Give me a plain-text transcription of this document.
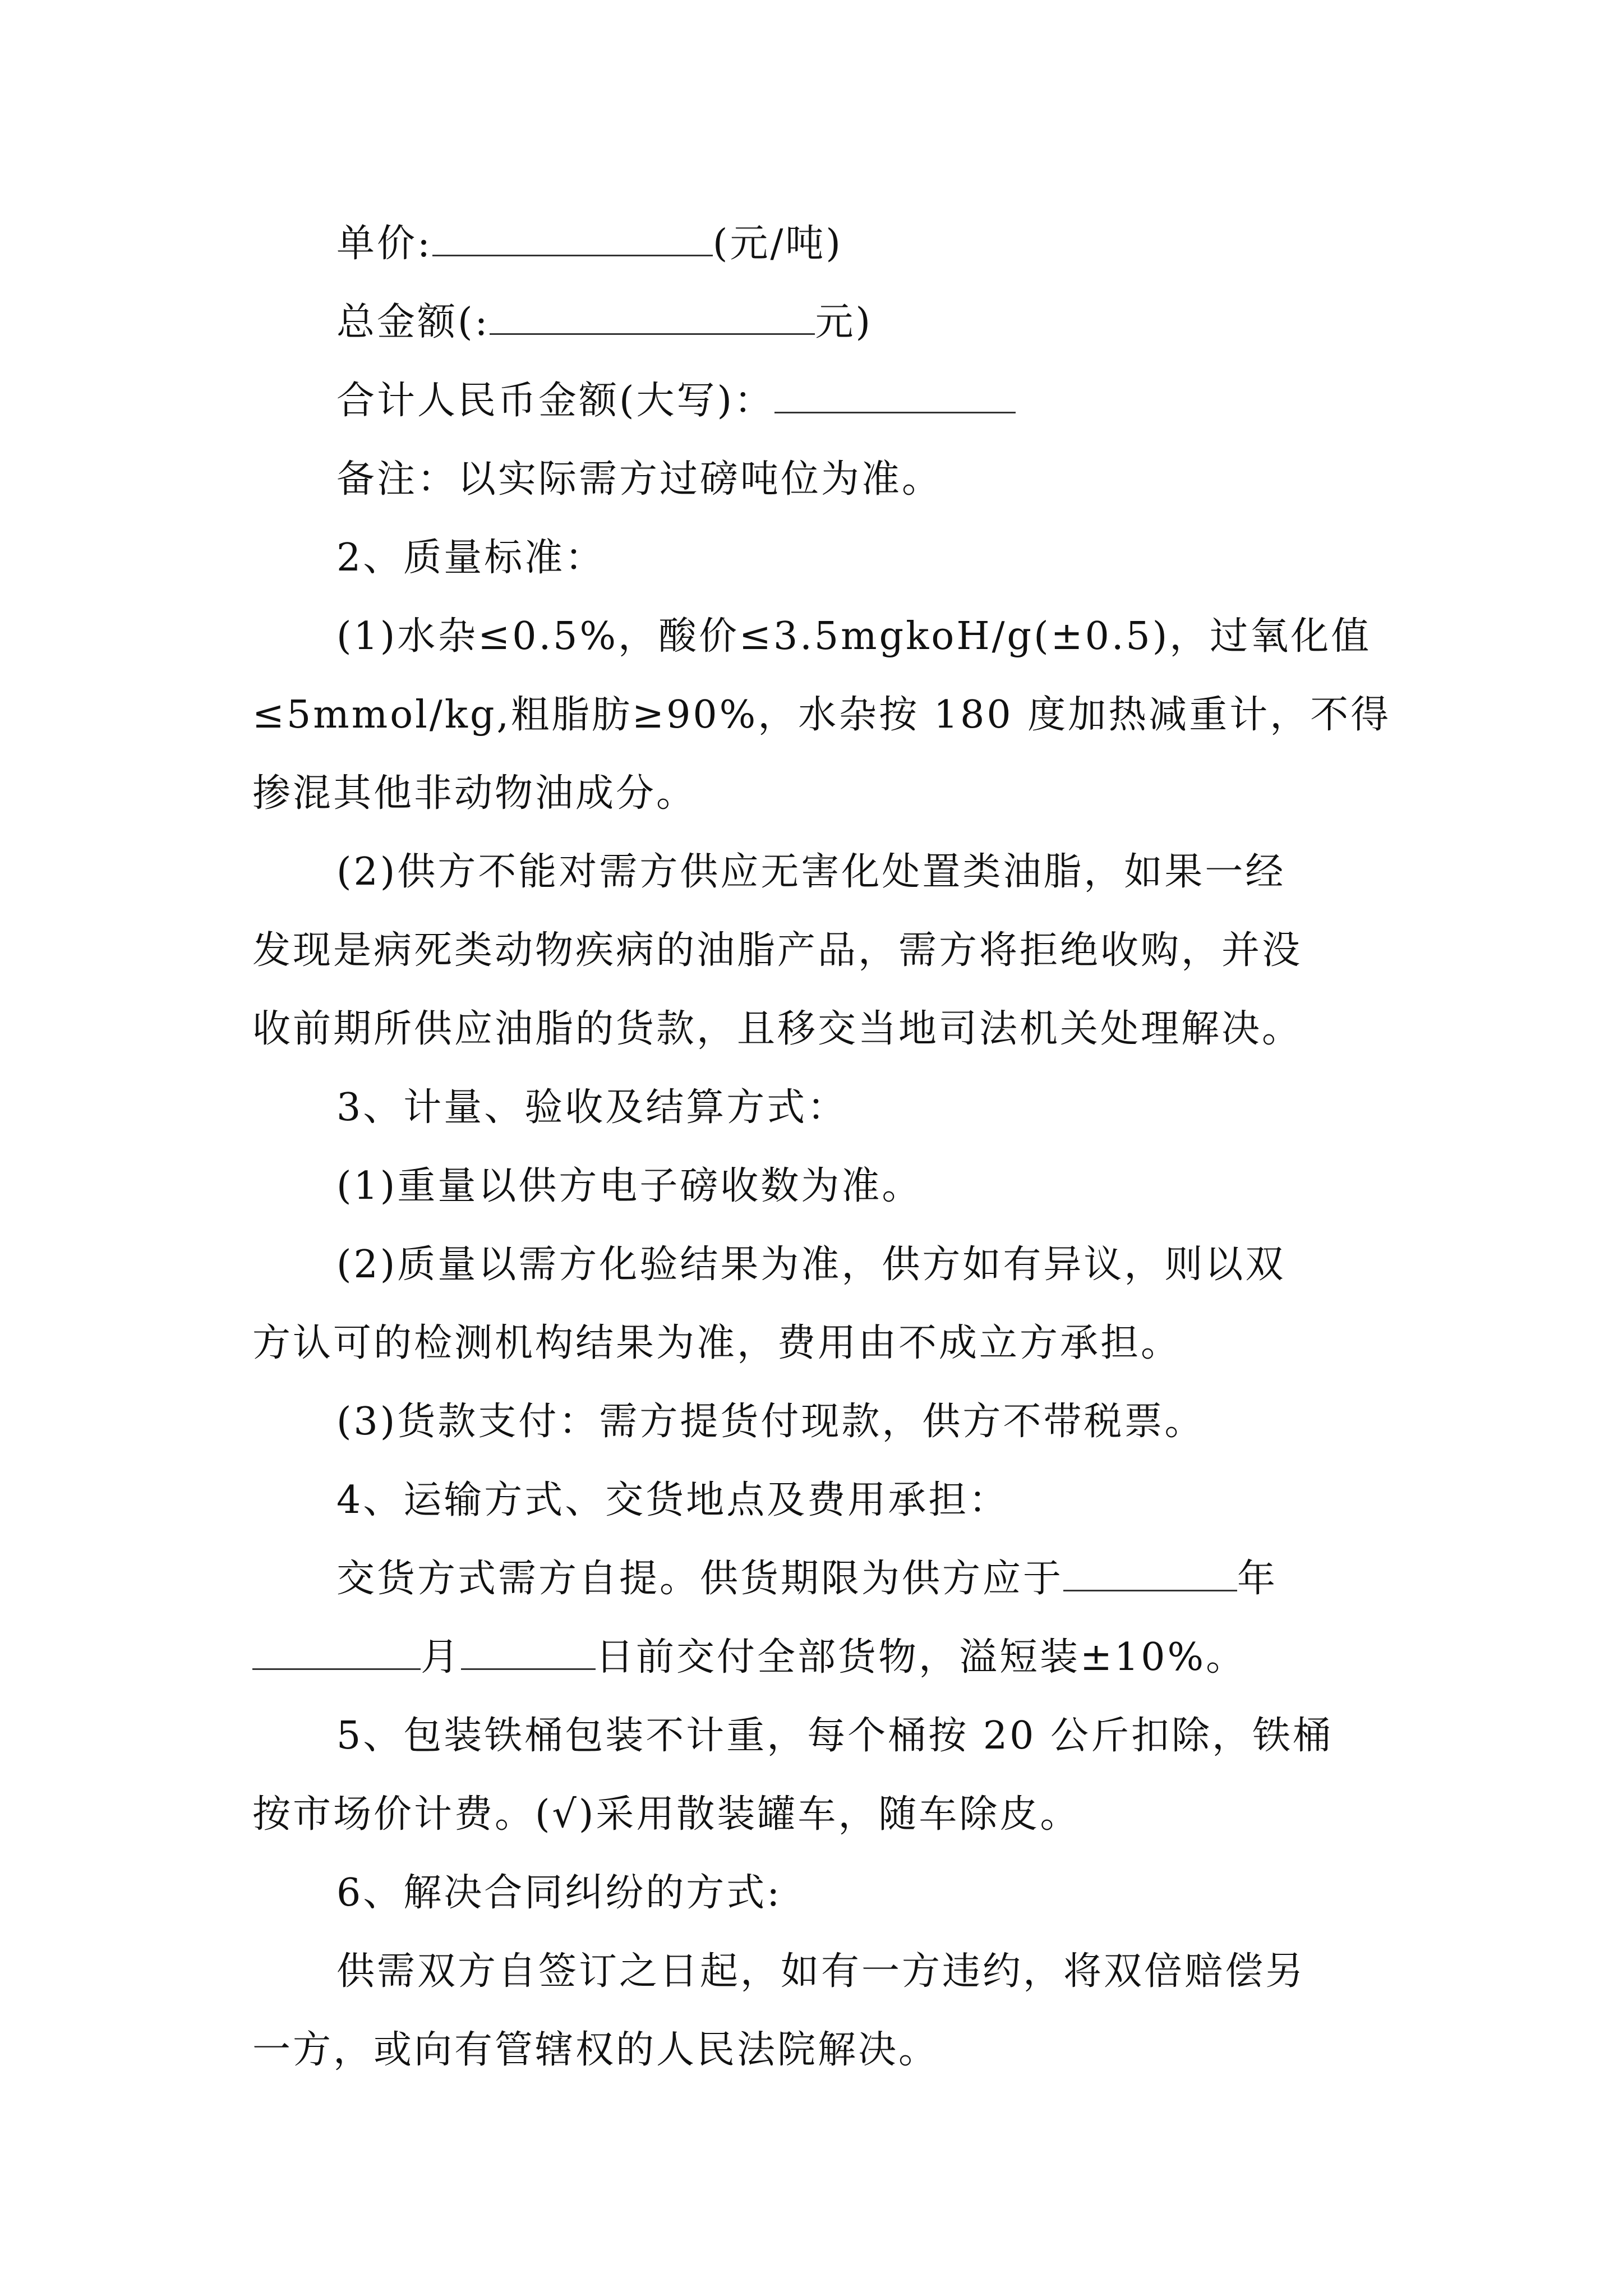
单价:	(元/吨)
总金额(:	元)
合计人民币金额(大写)：
备注：以实际需方过磅吨位为准。
2、质量标准：
(1)水杂≤0.5%，酸价≤3.5mgkoH/g(±0.5)，过氧化值
≤5mmol/kg,粗脂肪≥90%，水杂按 180 度加热减重计，不得
掺混其他非动物油成分。
(2)供方不能对需方供应无害化处置类油脂，如果一经
发现是病死类动物疾病的油脂产品，需方将拒绝收购，并没
收前期所供应油脂的货款，且移交当地司法机关处理解决。
3、计量、验收及结算方式：
(1)重量以供方电子磅收数为准。
(2)质量以需方化验结果为准，供方如有异议，则以双
方认可的检测机构结果为准，费用由不成立方承担。
(3)货款支付：需方提货付现款，供方不带税票。
4、运输方式、交货地点及费用承担：
交货方式需方自提。供货期限为供方应于	年
月	日前交付全部货物，溢短装±10%。
5、包装铁桶包装不计重，每个桶按 20 公斤扣除，铁桶
按市场价计费。(√)采用散装罐车，随车除皮。
6、解决合同纠纷的方式:
供需双方自签订之日起，如有一方违约，将双倍赔偿另
一方，或向有管辖权的人民法院解决。
